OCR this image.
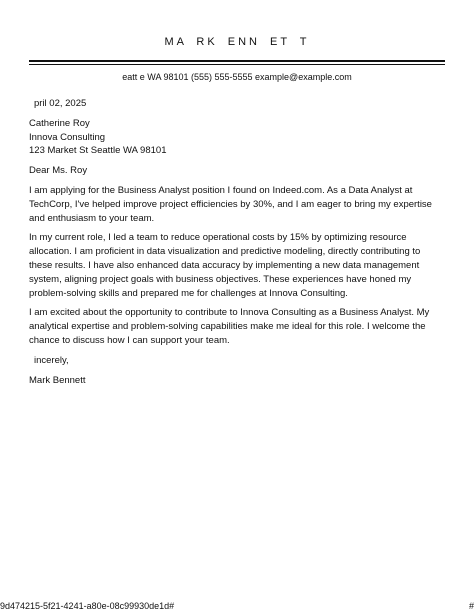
MA RK ENN ET T
eatt e WA 98101 (555) 555-5555 example@example.com

pril 02, 2025

Catherine Roy

Innova Consulting

123 Market St Seattle WA 98101

Dear Ms. Roy

I am applying for the Business Analyst position I found on Indeed.com. As a Data Analyst at TechCorp, I've helped improve project efficiencies by 30%, and I am eager to bring my expertise and enthusiasm to your team.

In my current role, I led a team to reduce operational costs by 15% by optimizing resource allocation. I am proficient in data visualization and predictive modeling, directly contributing to these results. I have also enhanced data accuracy by implementing a new data management system, aligning project goals with business objectives. These experiences have honed my problem-solving skills and prepared me for challenges at Innova Consulting.

I am excited about the opportunity to contribute to Innova Consulting as a Business Analyst. My analytical expertise and problem-solving capabilities make me ideal for this role. I welcome the chance to discuss how I can support your team.

incerely,

Mark Bennett

9d474215-5f21-4241-a80e-08c99930de1d#	#
